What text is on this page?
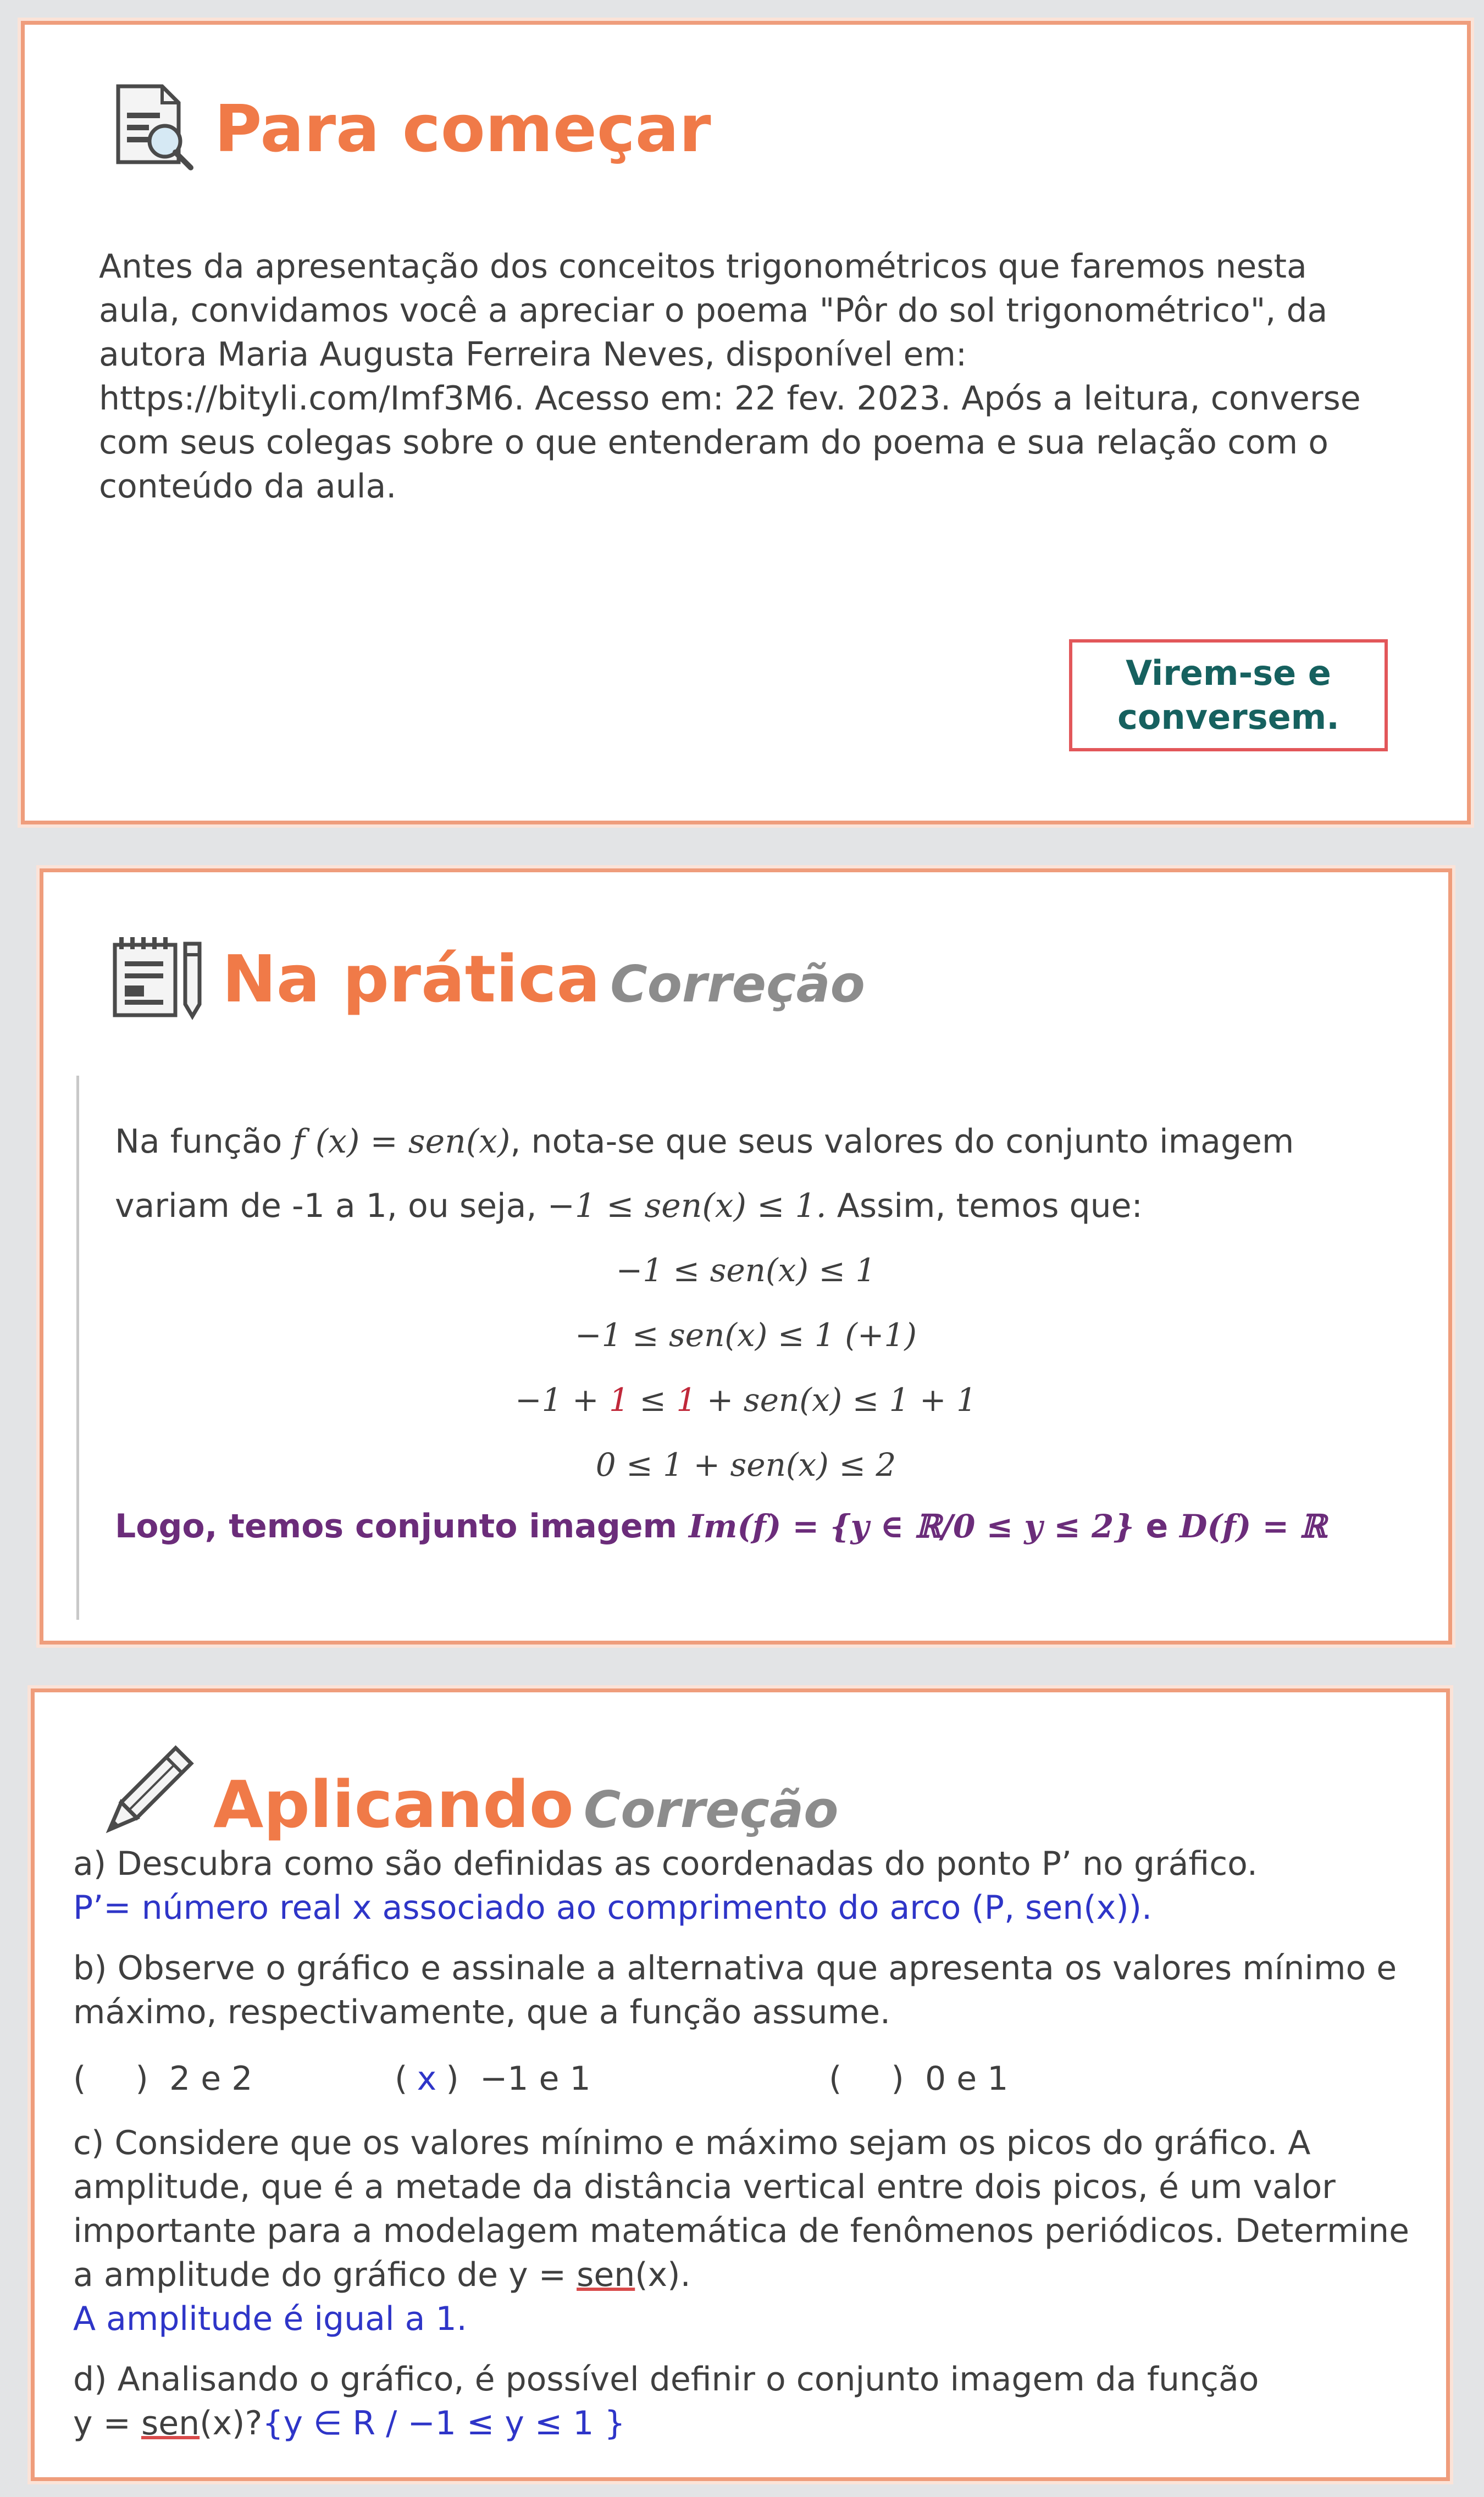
Para começar

Antes da apresentação dos conceitos trigonométricos que faremos nesta aula, convidamos você a apreciar o poema "Pôr do sol trigonométrico", da autora Maria Augusta Ferreira Neves, disponível em: https://bityli.com/Imf3M6. Acesso em: 22 fev. 2023. Após a leitura, converse com seus colegas sobre o que entenderam do poema e sua relação com o conteúdo da aula.

Virem-se e
conversem.
Na prática Correção
Na função f (x) = sen(x), nota-se que seus valores do conjunto imagem
variam de -1 a 1, ou seja, −1 ≤ sen(x) ≤ 1. Assim, temos que:
−1 ≤ sen(x) ≤ 1
−1 ≤ sen(x) ≤ 1 (+1)
−1 + 1 ≤ 1 + sen(x) ≤ 1 + 1
0 ≤ 1 + sen(x) ≤ 2
Logo, temos conjunto imagem Im(f) = {y ∈ ℝ/0 ≤ y ≤ 2} e D(f) = ℝ
Aplicando Correção

a) Descubra como são definidas as coordenadas do ponto P’ no gráfico.

P’= número real x associado ao comprimento do arco (P, sen(x)).

b) Observe o gráfico e assinale a alternativa que apresenta os valores mínimo e máximo, respectivamente, que a função assume.

( ) 2 e 2	( x ) −1 e 1	( ) 0 e 1

c) Considere que os valores mínimo e máximo sejam os picos do gráfico. A amplitude, que é a metade da distância vertical entre dois picos, é um valor importante para a modelagem matemática de fenômenos periódicos. Determine a amplitude do gráfico de y = sen(x).

A amplitude é igual a 1.

d) Analisando o gráfico, é possível definir o conjunto imagem da função

y = sen(x)?{y ∈ R / −1 ≤ y ≤ 1 }
